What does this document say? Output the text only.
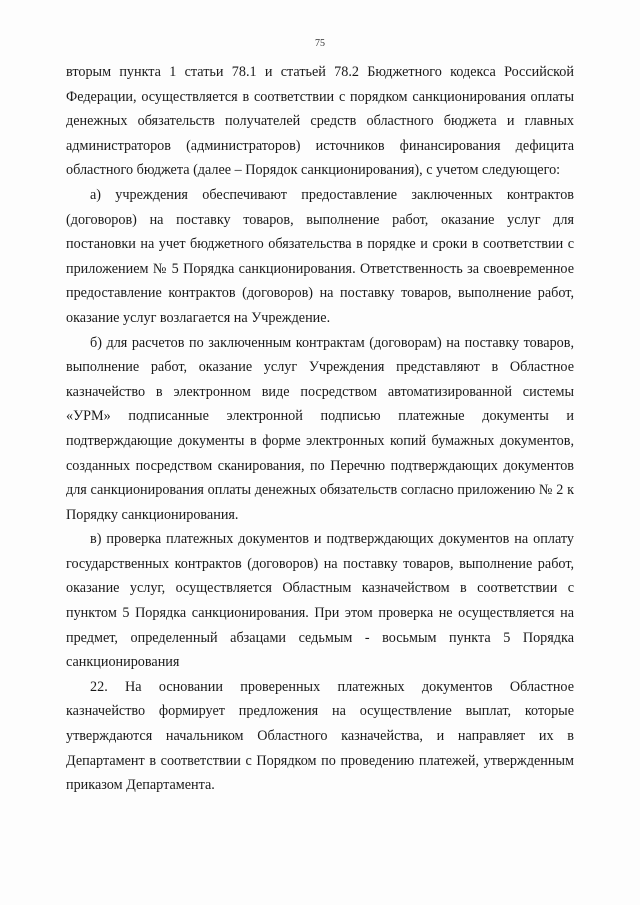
75

вторым пункта 1 статьи 78.1 и статьей 78.2 Бюджетного кодекса Российской
Федерации, осуществляется в соответствии с порядком санкционирования оплаты
денежных обязательств получателей средств областного бюджета и главных
администраторов (администраторов) источников финансирования дефицита
областного бюджета (далее – Порядок санкционирования), с учетом следующего:

а) учреждения обеспечивают предоставление заключенных контрактов
(договоров) на поставку товаров, выполнение работ, оказание услуг для
постановки на учет бюджетного обязательства в порядке и сроки в соответствии с
приложением № 5 Порядка санкционирования. Ответственность за своевременное
предоставление контрактов (договоров) на поставку товаров, выполнение работ,
оказание услуг возлагается на Учреждение.

б) для расчетов по заключенным контрактам (договорам) на поставку товаров,
выполнение работ, оказание услуг Учреждения представляют в Областное
казначейство в электронном виде посредством автоматизированной системы
«УРМ» подписанные электронной подписью платежные документы и
подтверждающие документы в форме электронных копий бумажных документов,
созданных посредством сканирования, по Перечню подтверждающих документов
для санкционирования оплаты денежных обязательств согласно приложению № 2 к
Порядку санкционирования.

в) проверка платежных документов и подтверждающих документов на оплату
государственных контрактов (договоров) на поставку товаров, выполнение работ,
оказание услуг, осуществляется Областным казначейством в соответствии с
пунктом 5 Порядка санкционирования. При этом проверка не осуществляется на
предмет, определенный абзацами седьмым - восьмым пункта 5 Порядка
санкционирования

22. На основании проверенных платежных документов Областное
казначейство формирует предложения на осуществление выплат, которые
утверждаются начальником Областного казначейства, и направляет их в
Департамент в соответствии с Порядком по проведению платежей, утвержденным
приказом Департамента.
